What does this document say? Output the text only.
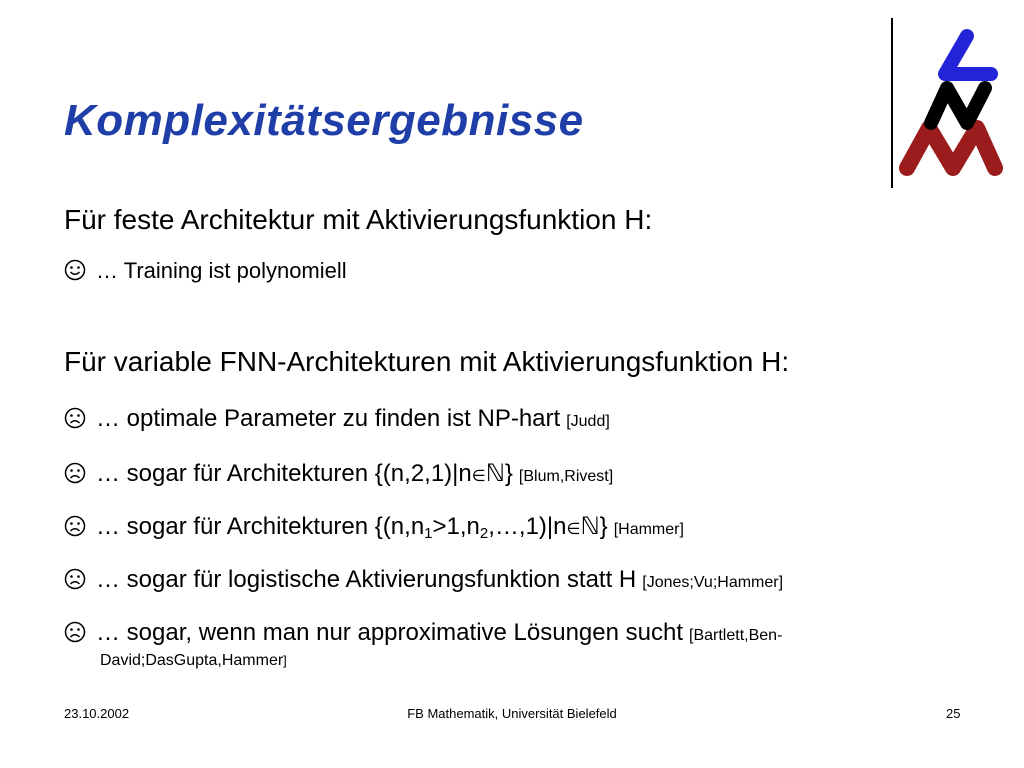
Komplexitätsergebnisse
Für feste Architektur mit Aktivierungsfunktion H:
… Training ist polynomiell
Für variable FNN-Architekturen mit Aktivierungsfunktion H:
… optimale Parameter zu finden ist NP-hart [Judd]
… sogar für Architekturen {(n,2,1)|n∈ℕ} [Blum,Rivest]
… sogar für Architekturen $\{(n,n_1>1,n_2,\dots,1)|n\in ℕ\}$ [Hammer]
… sogar für logistische Aktivierungsfunktion statt H [Jones;Vu;Hammer]
… sogar, wenn man nur approximative Lösungen sucht [Bartlett,Ben-
David;DasGupta,Hammer]
23.10.2002	FB Mathematik, Universität Bielefeld	25
